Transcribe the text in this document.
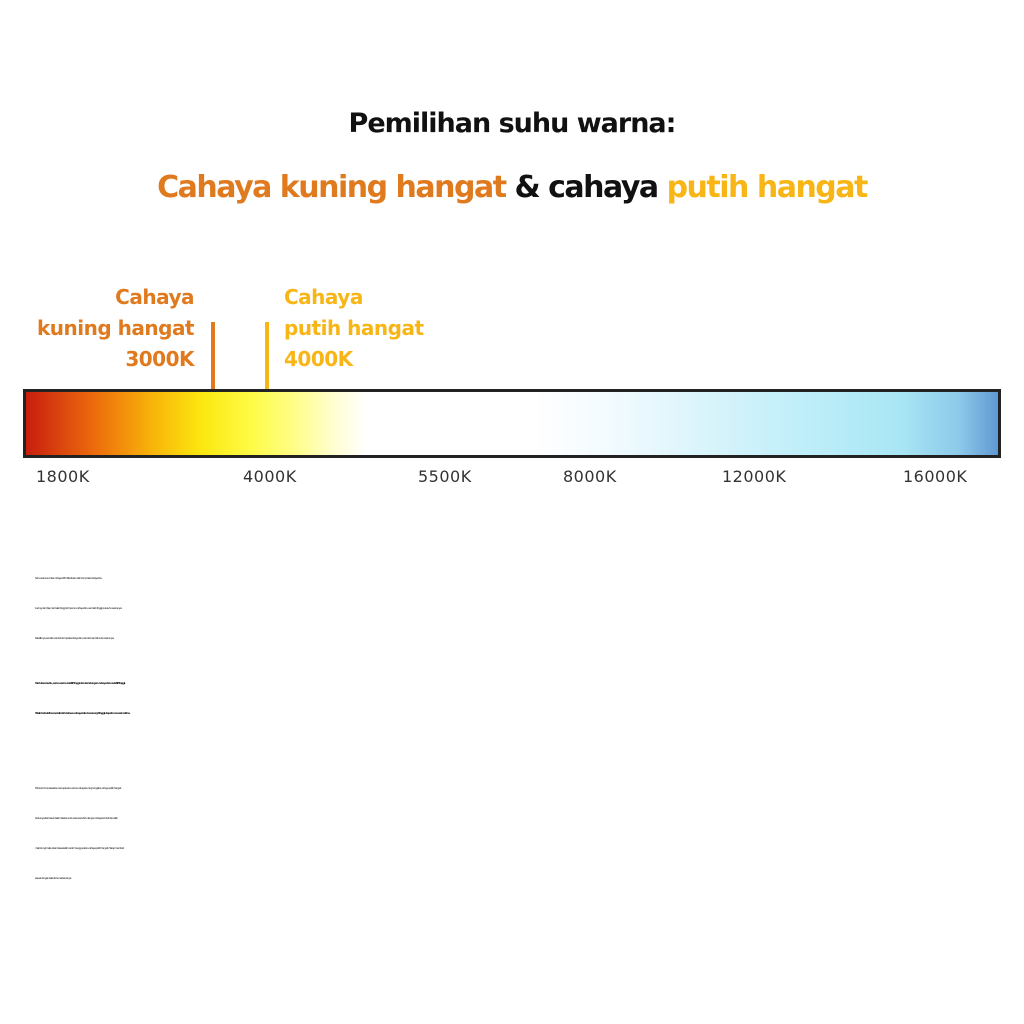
Pemilihan suhu warna:
Cahaya kuning hangat & cahaya putih hangat
Cahaya
kuning hangat
3000K
Cahaya
putih hangat
4000K
1800K	4000K	5500K	8000K	12000K	16000K
Suhu warna sumber cahaya LED ditentukan oleh komposisi cahaya biru,
kuning, dan hijau. Semakin tinggi komponen cahaya biru, semakin tinggi pula suhu warnanya.
Sebaliknya, semakin rendah komposisi cahaya biru, semakin rendah suhu warnanya.
Oleh karena itu, suhu warna relatif tinggi dan kandungan cahaya biru relatif tinggi.
Telah terbukti secara ilmiah bahwa cahaya biru berenergi tinggi dapat merusak retina.
Toko kami menawarkan dua opsi suhu warna: cahaya kuning hangat & cahaya putih hangat,
keduanya termasuk dalam kisaran suhu warna rendah, dengan cahaya lembut dan efek
melindungi mata. Akan terasa lebih cerah menggunakan cahaya putih hangat. Harap membeli
sesuai dengan kebutuhan sebenarnya.
